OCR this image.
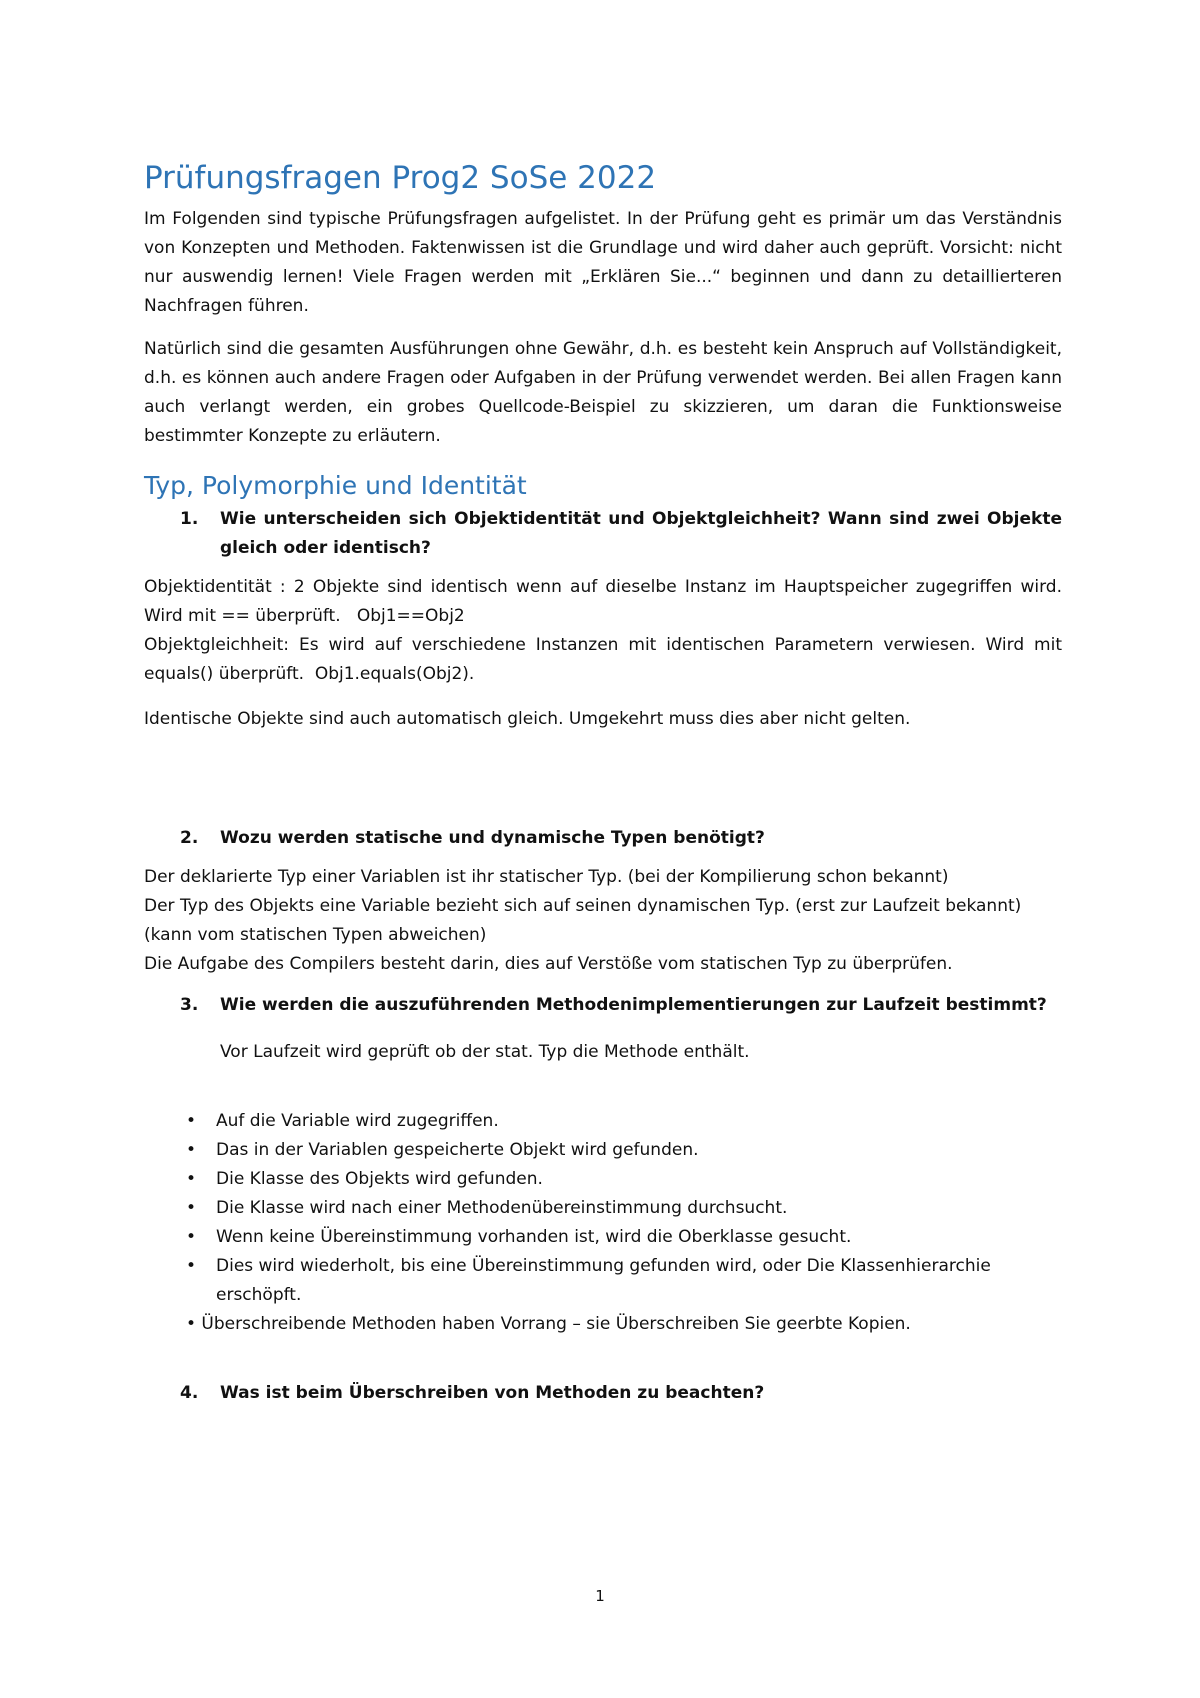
Prüfungsfragen Prog2 SoSe 2022

Im Folgenden sind typische Prüfungsfragen aufgelistet. In der Prüfung geht es primär um das Verständnis von Konzepten und Methoden. Faktenwissen ist die Grundlage und wird daher auch geprüft. Vorsicht: nicht nur auswendig lernen! Viele Fragen werden mit „Erklären Sie...“ beginnen und dann zu detaillierteren Nachfragen führen.

Natürlich sind die gesamten Ausführungen ohne Gewähr, d.h. es besteht kein Anspruch auf Vollständigkeit, d.h. es können auch andere Fragen oder Aufgaben in der Prüfung verwendet werden. Bei allen Fragen kann auch verlangt werden, ein grobes Quellcode-Beispiel zu skizzieren, um daran die Funktionsweise bestimmter Konzepte zu erläutern.

Typ, Polymorphie und Identität
1.	Wie unterscheiden sich Objektidentität und Objektgleichheit? Wann sind zwei Objekte gleich oder identisch?

Objektidentität : 2 Objekte sind identisch wenn auf dieselbe Instanz im Hauptspeicher zugegriffen wird. Wird mit == überprüft.   Obj1==Obj2

Objektgleichheit: Es wird auf verschiedene Instanzen mit identischen Parametern verwiesen. Wird mit equals() überprüft.  Obj1.equals(Obj2).

Identische Objekte sind auch automatisch gleich. Umgekehrt muss dies aber nicht gelten.

2.	Wozu werden statische und dynamische Typen benötigt?

Der deklarierte Typ einer Variablen ist ihr statischer Typ. (bei der Kompilierung schon bekannt)

Der Typ des Objekts eine Variable bezieht sich auf seinen dynamischen Typ. (erst zur Laufzeit bekannt)

(kann vom statischen Typen abweichen)

Die Aufgabe des Compilers besteht darin, dies auf Verstöße vom statischen Typ zu überprüfen.

3.	Wie werden die auszuführenden Methodenimplementierungen zur Laufzeit bestimmt?

Vor Laufzeit wird geprüft ob der stat. Typ die Methode enthält.

•	Auf die Variable wird zugegriffen.
•	Das in der Variablen gespeicherte Objekt wird gefunden.
•	Die Klasse des Objekts wird gefunden.
•	Die Klasse wird nach einer Methodenübereinstimmung durchsucht.
•	Wenn keine Übereinstimmung vorhanden ist, wird die Oberklasse gesucht.
•	Dies wird wiederholt, bis eine Übereinstimmung gefunden wird, oder Die Klassenhierarchie erschöpft.

• Überschreibende Methoden haben Vorrang – sie Überschreiben Sie geerbte Kopien.

4.	Was ist beim Überschreiben von Methoden zu beachten?
1
